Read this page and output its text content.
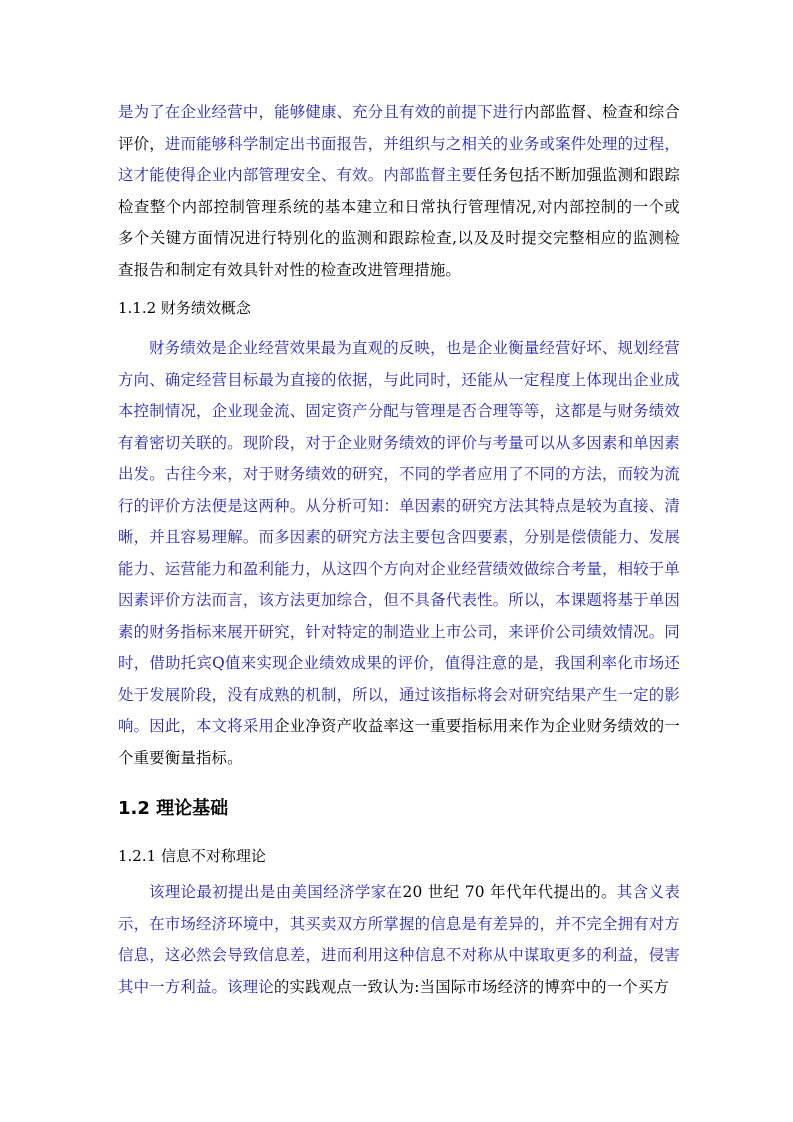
是为了在企业经营中，能够健康、充分且有效的前提下进行内部监督、检查和综合评价，进而能够科学制定出书面报告，并组织与之相关的业务或案件处理的过程，这才能使得企业内部管理安全、有效。内部监督主要任务包括不断加强监测和跟踪检查整个内部控制管理系统的基本建立和日常执行管理情况,对内部控制的一个或多个关键方面情况进行特别化的监测和跟踪检查,以及及时提交完整相应的监测检查报告和制定有效具针对性的检查改进管理措施。

1.1.2 财务绩效概念

财务绩效是企业经营效果最为直观的反映，也是企业衡量经营好坏、规划经营方向、确定经营目标最为直接的依据，与此同时，还能从一定程度上体现出企业成本控制情况，企业现金流、固定资产分配与管理是否合理等等，这都是与财务绩效有着密切关联的。现阶段，对于企业财务绩效的评价与考量可以从多因素和单因素出发。古往今来，对于财务绩效的研究，不同的学者应用了不同的方法，而较为流行的评价方法便是这两种。从分析可知：单因素的研究方法其特点是较为直接、清晰，并且容易理解。而多因素的研究方法主要包含四要素，分别是偿债能力、发展能力、运营能力和盈利能力，从这四个方向对企业经营绩效做综合考量，相较于单因素评价方法而言，该方法更加综合，但不具备代表性。所以，本课题将基于单因素的财务指标来展开研究，针对特定的制造业上市公司，来评价公司绩效情况。同时，借助托宾Q值来实现企业绩效成果的评价，值得注意的是，我国利率化市场还处于发展阶段，没有成熟的机制，所以，通过该指标将会对研究结果产生一定的影响。因此，本文将采用企业净资产收益率这一重要指标用来作为企业财务绩效的一个重要衡量指标。

1.2 理论基础
1.2.1 信息不对称理论

该理论最初提出是由美国经济学家在20 世纪 70 年代年代提出的。其含义表示，在市场经济环境中，其买卖双方所掌握的信息是有差异的，并不完全拥有对方信息，这必然会导致信息差，进而利用这种信息不对称从中谋取更多的利益，侵害其中一方利益。该理论的实践观点一致认为:当国际市场经济的博弈中的一个买方
